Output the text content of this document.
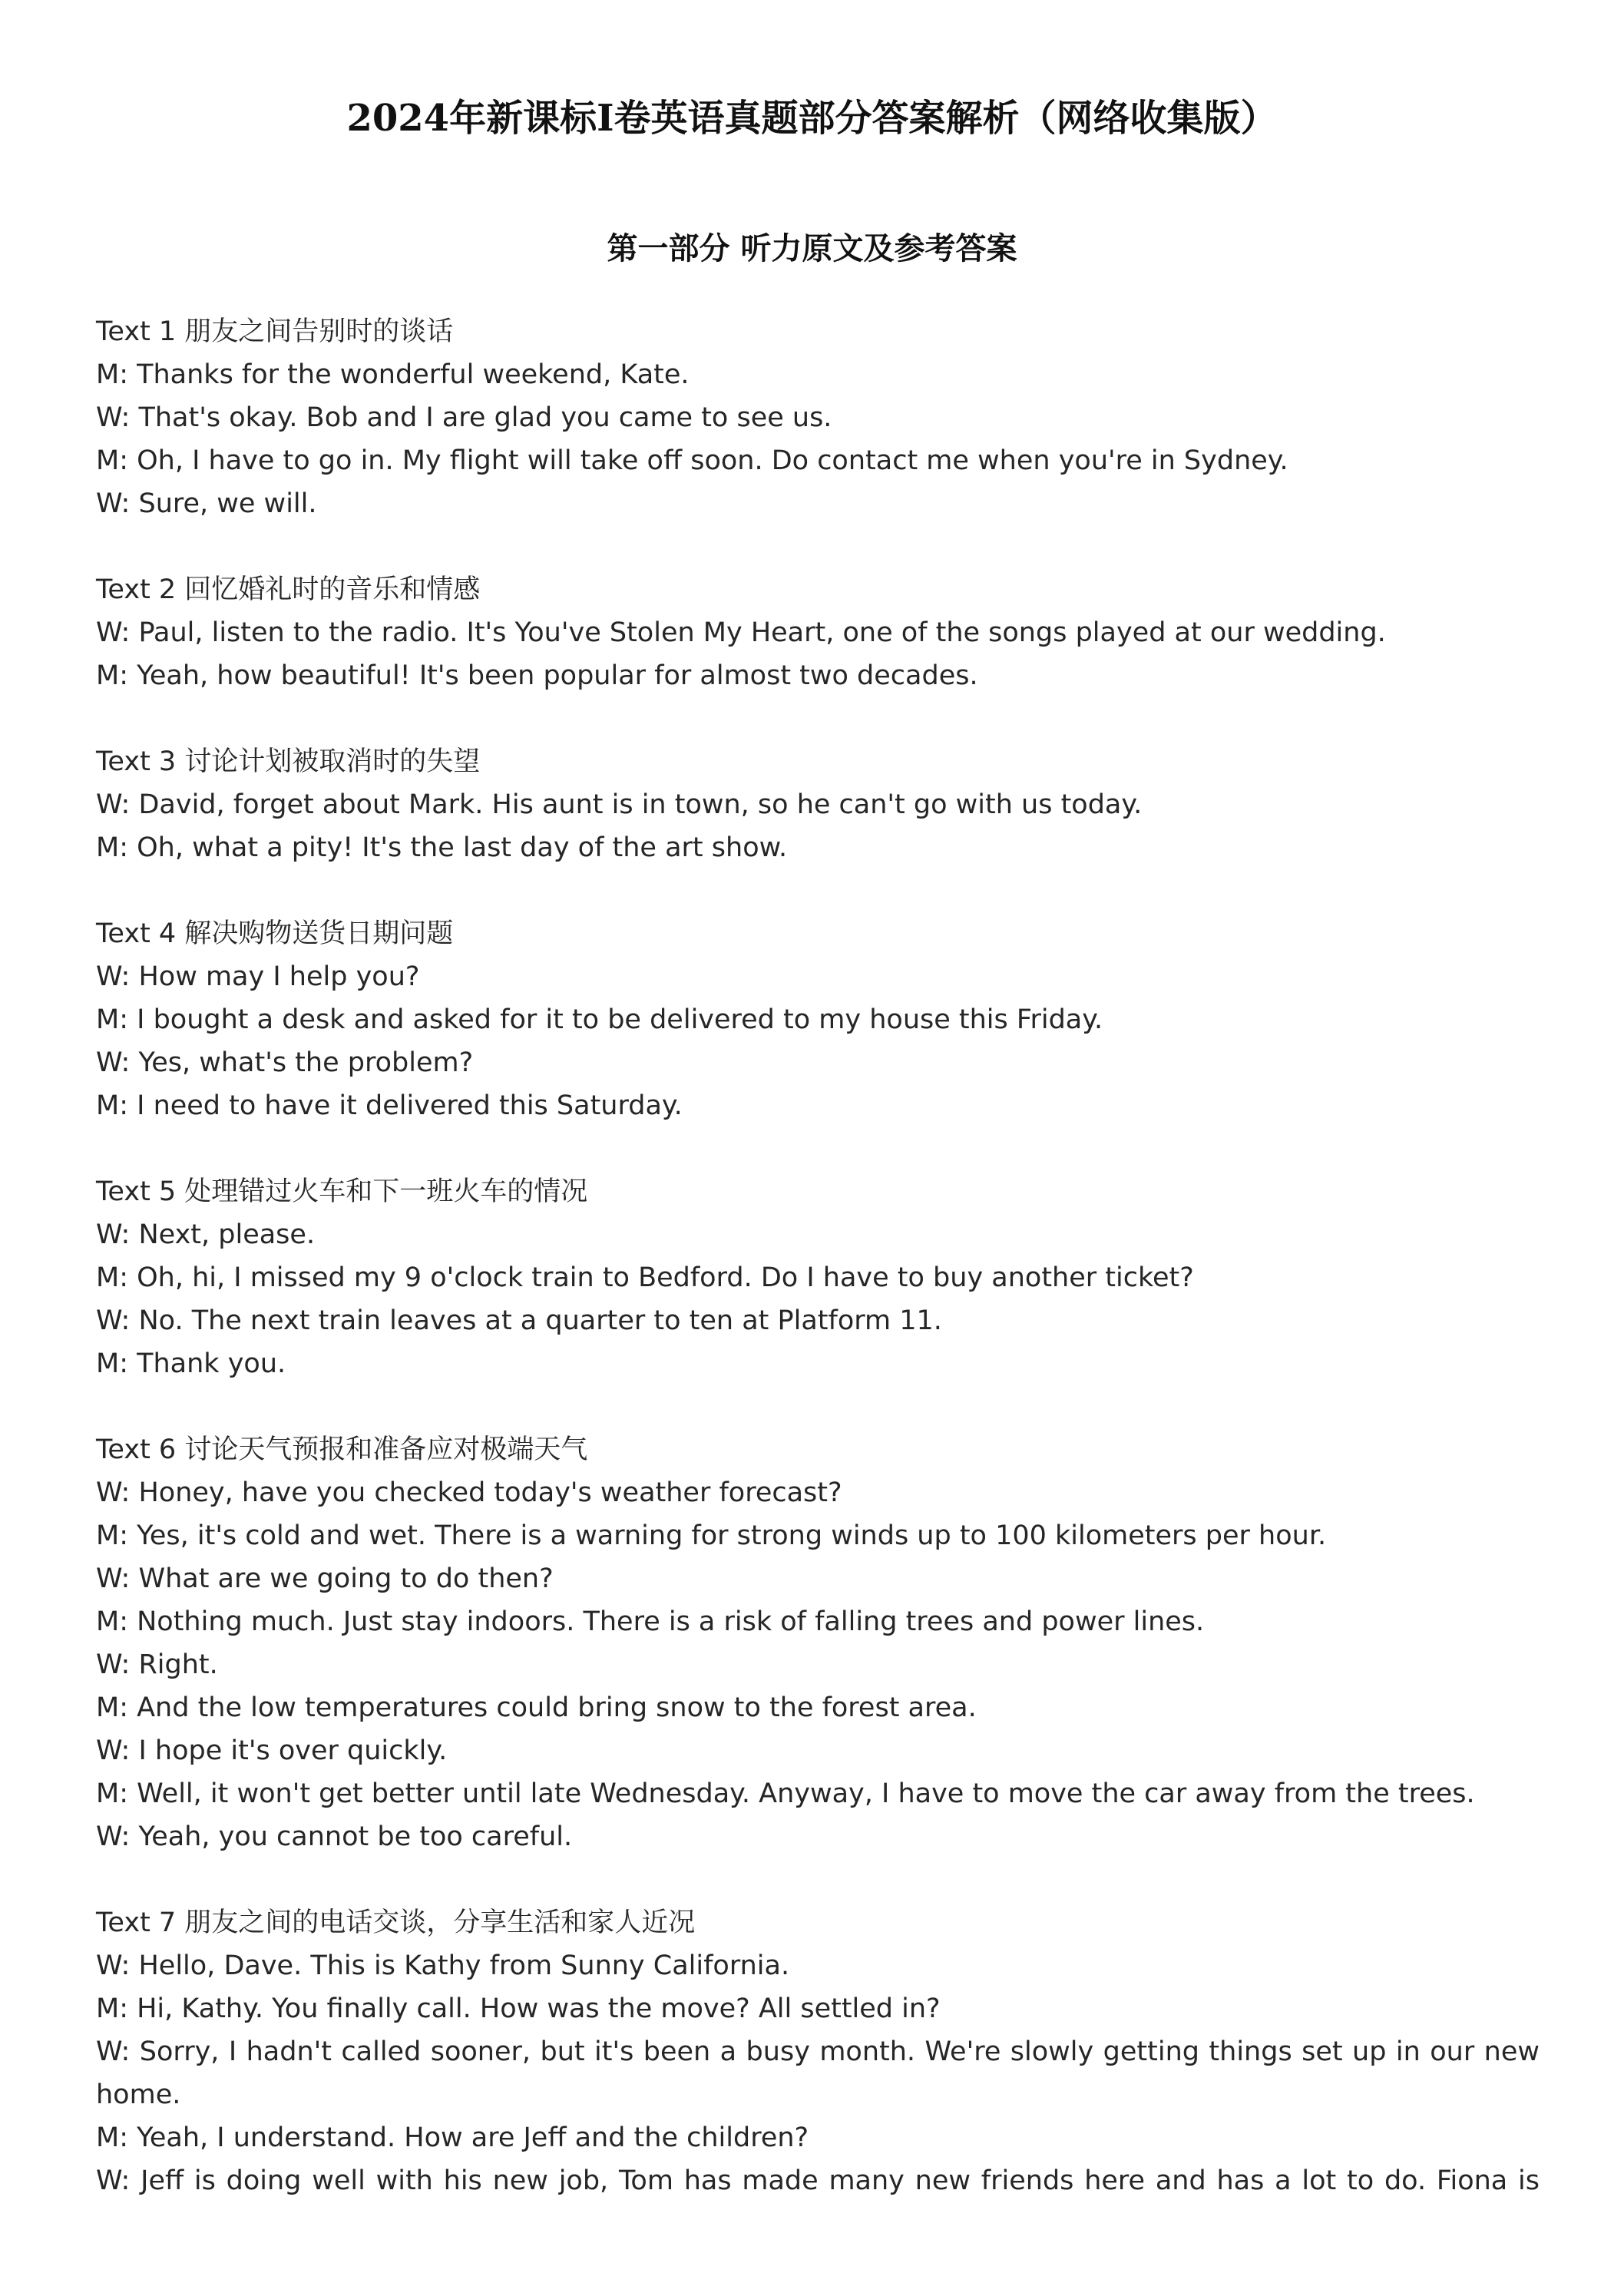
2024年新课标Ⅰ卷英语真题部分答案解析（网络收集版）
第一部分 听力原文及参考答案

Text 1 朋友之间告别时的谈话

M: Thanks for the wonderful weekend, Kate.

W: That's okay. Bob and I are glad you came to see us.

M: Oh, I have to go in. My flight will take off soon. Do contact me when you're in Sydney.

W: Sure, we will.

Text 2 回忆婚礼时的音乐和情感

W: Paul, listen to the radio. It's You've Stolen My Heart, one of the songs played at our wedding.

M: Yeah, how beautiful! It's been popular for almost two decades.

Text 3 讨论计划被取消时的失望

W: David, forget about Mark. His aunt is in town, so he can't go with us today.

M: Oh, what a pity! It's the last day of the art show.

Text 4 解决购物送货日期问题

W: How may I help you?

M: I bought a desk and asked for it to be delivered to my house this Friday.

W: Yes, what's the problem?

M: I need to have it delivered this Saturday.

Text 5 处理错过火车和下一班火车的情况

W: Next, please.

M: Oh, hi, I missed my 9 o'clock train to Bedford. Do I have to buy another ticket?

W: No. The next train leaves at a quarter to ten at Platform 11.

M: Thank you.

Text 6 讨论天气预报和准备应对极端天气

W: Honey, have you checked today's weather forecast?

M: Yes, it's cold and wet. There is a warning for strong winds up to 100 kilometers per hour.

W: What are we going to do then?

M: Nothing much. Just stay indoors. There is a risk of falling trees and power lines.

W: Right.

M: And the low temperatures could bring snow to the forest area.

W: I hope it's over quickly.

M: Well, it won't get better until late Wednesday. Anyway, I have to move the car away from the trees.

W: Yeah, you cannot be too careful.

Text 7 朋友之间的电话交谈，分享生活和家人近况

W: Hello, Dave. This is Kathy from Sunny California.

M: Hi, Kathy. You finally call. How was the move? All settled in?

W: Sorry, I hadn't called sooner, but it's been a busy month. We're slowly getting things set up in our new home.

M: Yeah, I understand. How are Jeff and the children?

W: Jeff is doing well with his new job, Tom has made many new friends here and has a lot to do. Fiona is
